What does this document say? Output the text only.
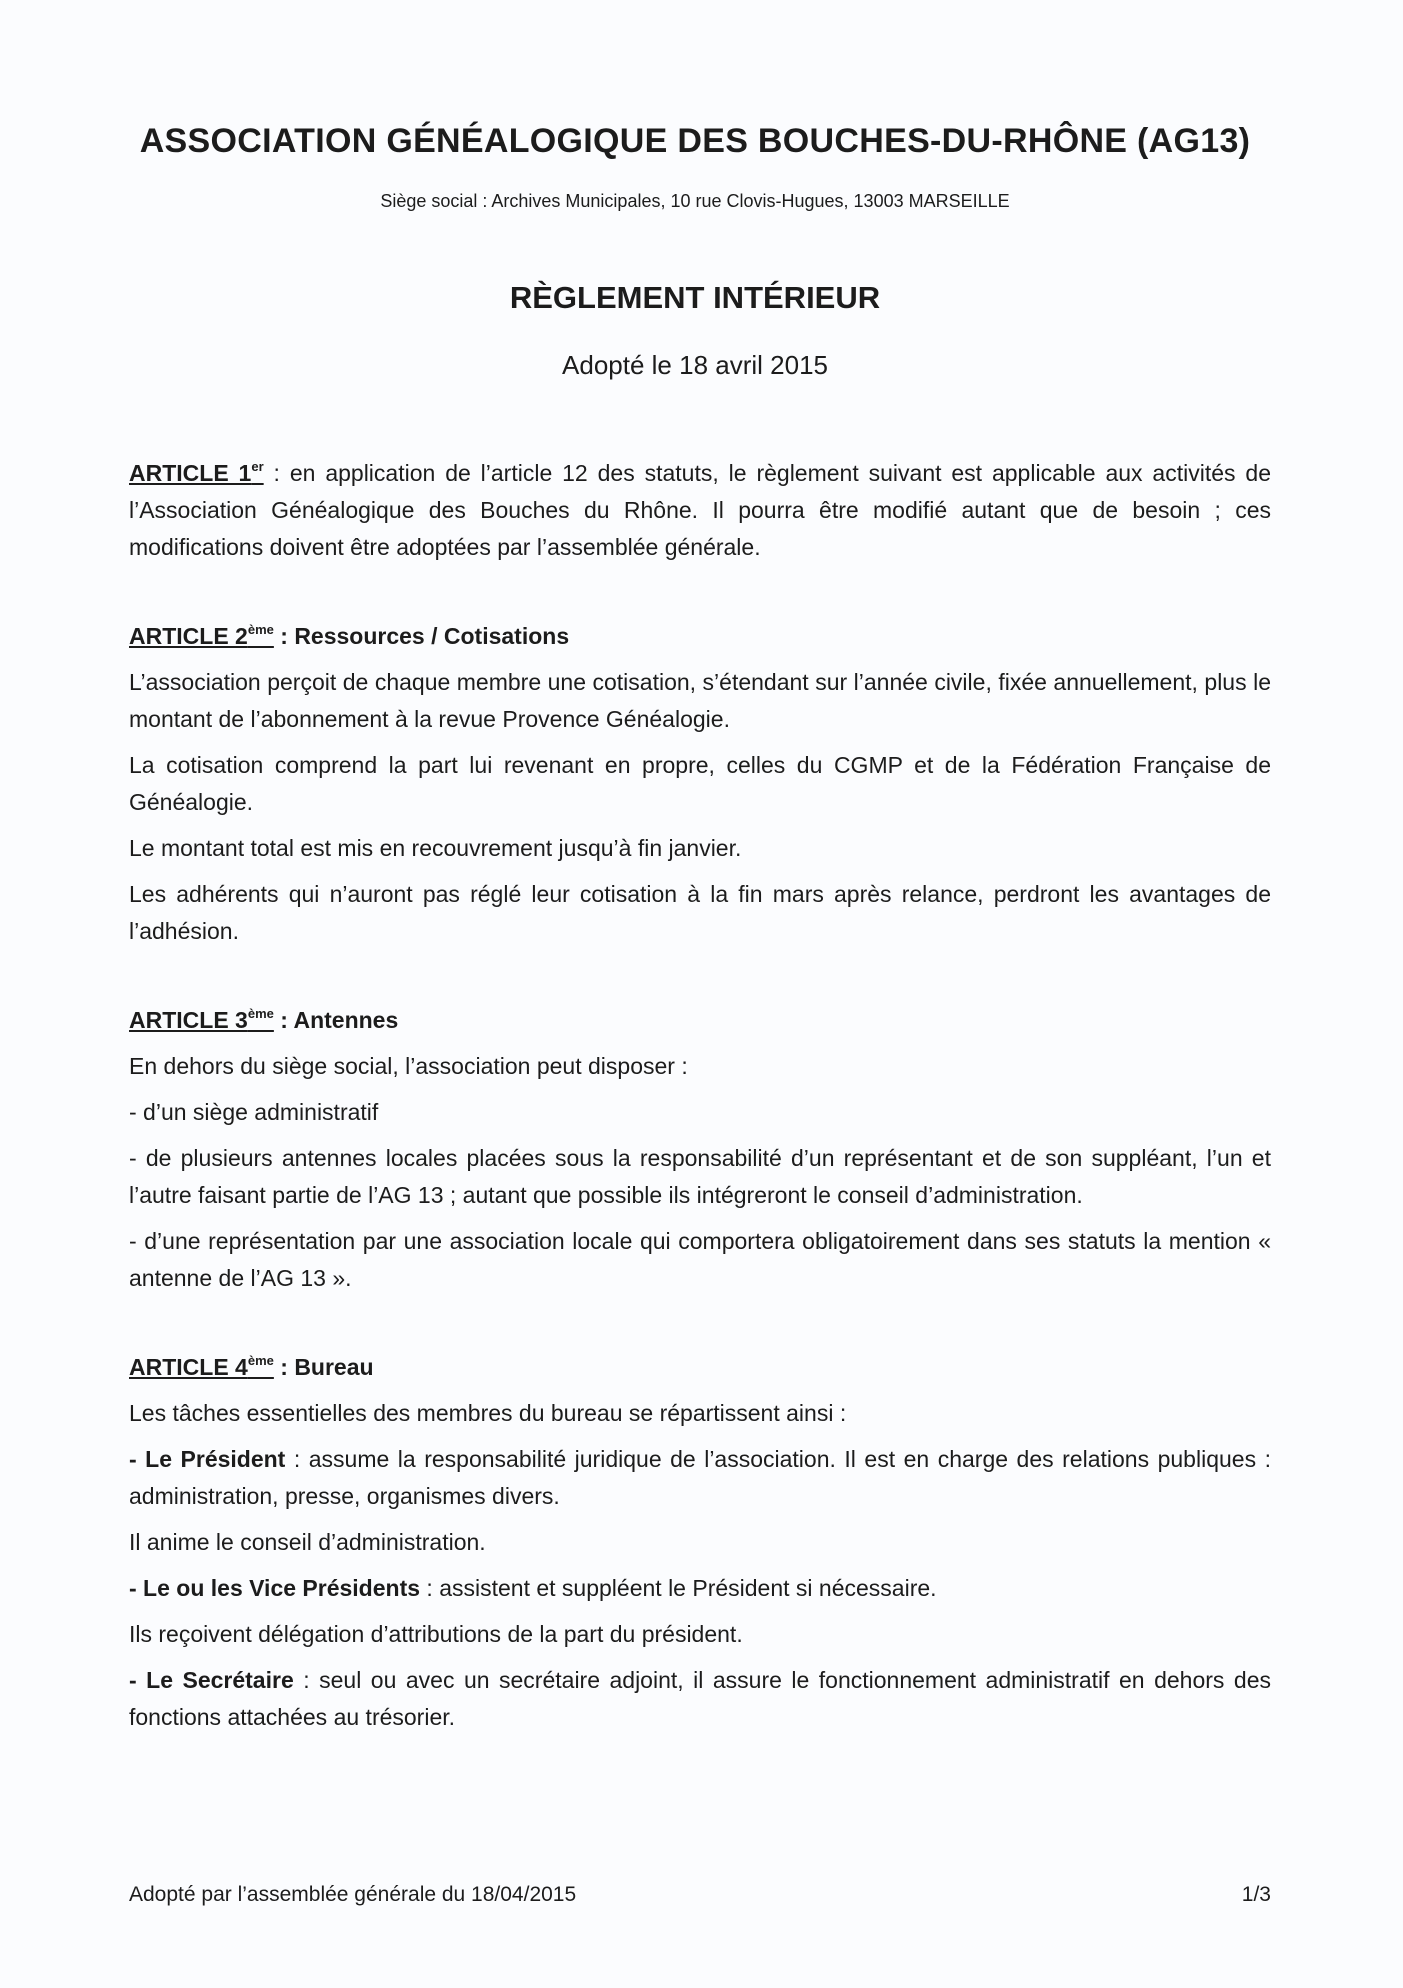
ASSOCIATION GÉNÉALOGIQUE DES BOUCHES-DU-RHÔNE (AG13)
Siège social : Archives Municipales, 10 rue Clovis-Hugues, 13003 MARSEILLE
RÈGLEMENT INTÉRIEUR
Adopté le 18 avril 2015

ARTICLE 1er : en application de l’article 12 des statuts, le règlement suivant est applicable aux activités de l’Association Généalogique des Bouches du Rhône. Il pourra être modifié autant que de besoin ; ces modifications doivent être adoptées par l’assemblée générale.

ARTICLE 2ème : Ressources / Cotisations

L’association perçoit de chaque membre une cotisation, s’étendant sur l’année civile, fixée annuellement, plus le montant de l’abonnement à la revue Provence Généalogie.

La cotisation comprend la part lui revenant en propre, celles du CGMP et de la Fédération Française de Généalogie.

Le montant total est mis en recouvrement jusqu’à fin janvier.

Les adhérents qui n’auront pas réglé leur cotisation à la fin mars après relance, perdront les avantages de l’adhésion.

ARTICLE 3ème : Antennes

En dehors du siège social, l’association peut disposer :

- d’un siège administratif

- de plusieurs antennes locales placées sous la responsabilité d’un représentant et de son suppléant, l’un et l’autre faisant partie de l’AG 13 ; autant que possible ils intégreront le conseil d’administration.

- d’une représentation par une association locale qui comportera obligatoirement dans ses statuts la mention « antenne de l’AG 13 ».

ARTICLE 4ème : Bureau

Les tâches essentielles des membres du bureau se répartissent ainsi :

- Le Président : assume la responsabilité juridique de l’association. Il est en charge des relations publiques : administration, presse, organismes divers.

Il anime le conseil d’administration.

- Le ou les Vice Présidents : assistent et suppléent le Président si nécessaire.

Ils reçoivent délégation d’attributions de la part du président.

- Le Secrétaire : seul ou avec un secrétaire adjoint, il assure le fonctionnement administratif en dehors des fonctions attachées au trésorier.

Adopté par l’assemblée générale du 18/04/2015	1/3
